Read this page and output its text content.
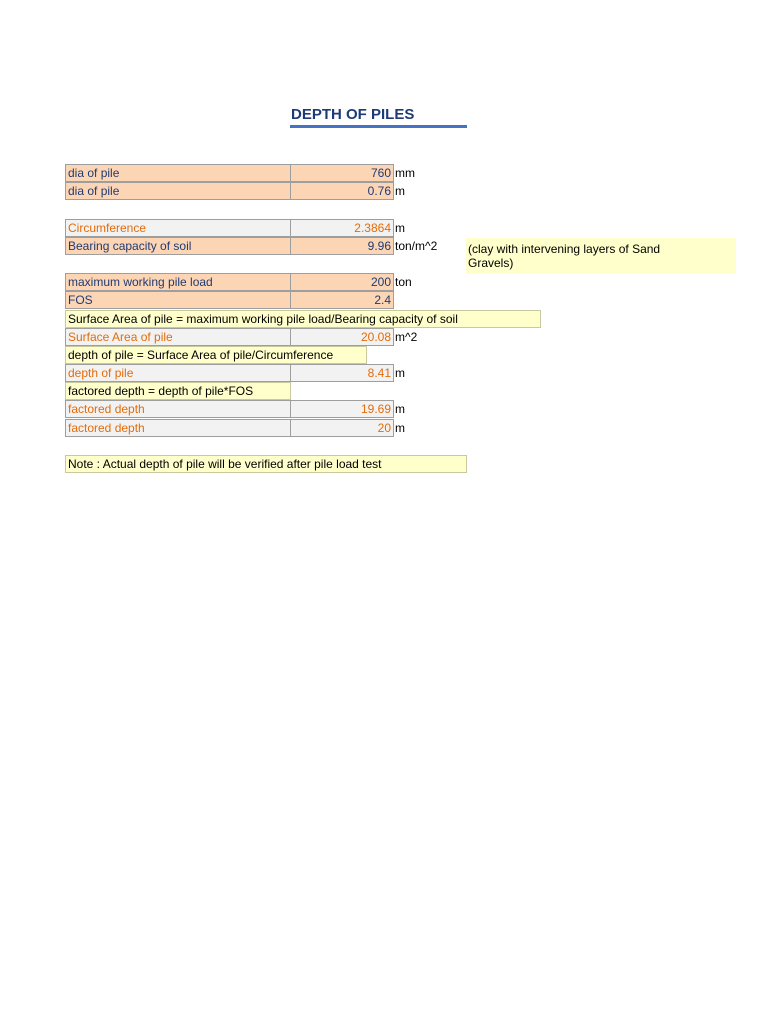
DEPTH OF PILES
dia of pile	760 mm
dia of pile	0.76 m
Circumference	2.3864 m
Bearing capacity of soil	9.96 ton/m^2	(clay with intervening layers of Sand Gravels)
maximum working pile load	200 ton
FOS	2.4
Surface Area of pile = maximum working pile load/Bearing capacity of soil
Surface Area of pile	20.08 m^2
depth of pile = Surface Area of pile/Circumference
depth of pile	8.41 m
factored depth = depth of pile*FOS
factored depth	19.69 m
factored depth	20 m
Note : Actual depth of pile will be verified after pile load test
